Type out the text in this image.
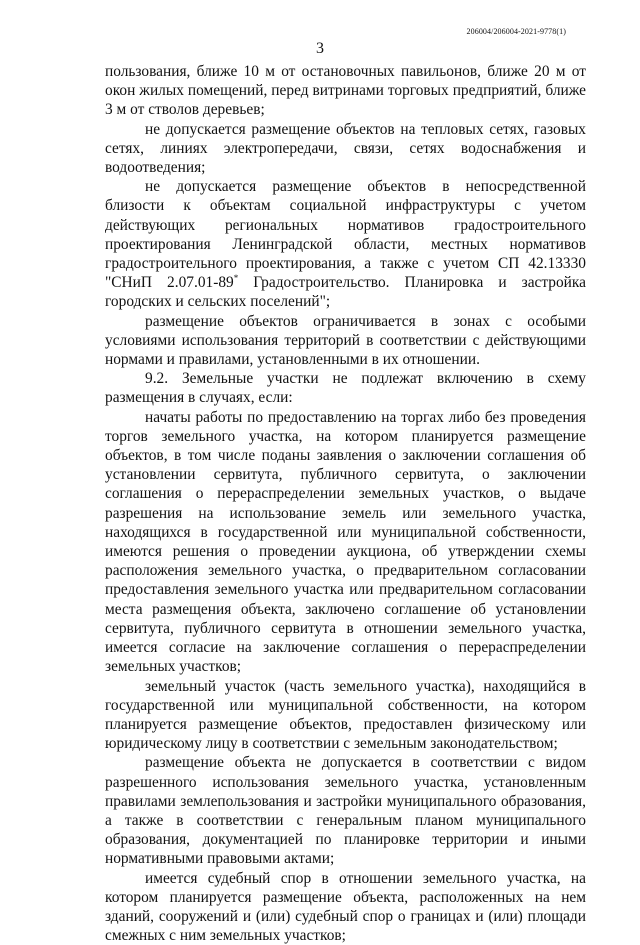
206004/206004-2021-9778(1)
3

пользования, ближе 10 м от остановочных павильонов, ближе 20 м от окон жилых помещений, перед витринами торговых предприятий, ближе 3 м от стволов деревьев;

не допускается размещение объектов на тепловых сетях, газовых сетях, линиях электропередачи, связи, сетях водоснабжения и водоотведения;

не допускается размещение объектов в непосредственной близости к объектам социальной инфраструктуры с учетом действующих региональных нормативов градостроительного проектирования Ленинградской области, местных нормативов градостроительного проектирования, а также с учетом СП 42.13330 "СНиП 2.07.01-89* Градостроительство. Планировка и застройка городских и сельских поселений";

размещение объектов ограничивается в зонах с особыми условиями использования территорий в соответствии с действующими нормами и правилами, установленными в их отношении.

9.2. Земельные участки не подлежат включению в схему размещения в случаях, если:

начаты работы по предоставлению на торгах либо без проведения торгов земельного участка, на котором планируется размещение объектов, в том числе поданы заявления о заключении соглашения об установлении сервитута, публичного сервитута, о заключении соглашения о перераспределении земельных участков, о выдаче разрешения на использование земель или земельного участка, находящихся в государственной или муниципальной собственности, имеются решения о проведении аукциона, об утверждении схемы расположения земельного участка, о предварительном согласовании предоставления земельного участка или предварительном согласовании места размещения объекта, заключено соглашение об установлении сервитута, публичного сервитута в отношении земельного участка, имеется согласие на заключение соглашения о перераспределении земельных участков;

земельный участок (часть земельного участка), находящийся в государственной или муниципальной собственности, на котором планируется размещение объектов, предоставлен физическому или юридическому лицу в соответствии с земельным законодательством;

размещение объекта не допускается в соответствии с видом разрешенного использования земельного участка, установленным правилами землепользования и застройки муниципального образования, а также в соответствии с генеральным планом муниципального образования, документацией по планировке территории и иными нормативными правовыми актами;

имеется судебный спор в отношении земельного участка, на котором планируется размещение объекта, расположенных на нем зданий, сооружений и (или) судебный спор о границах и (или) площади смежных с ним земельных участков;
